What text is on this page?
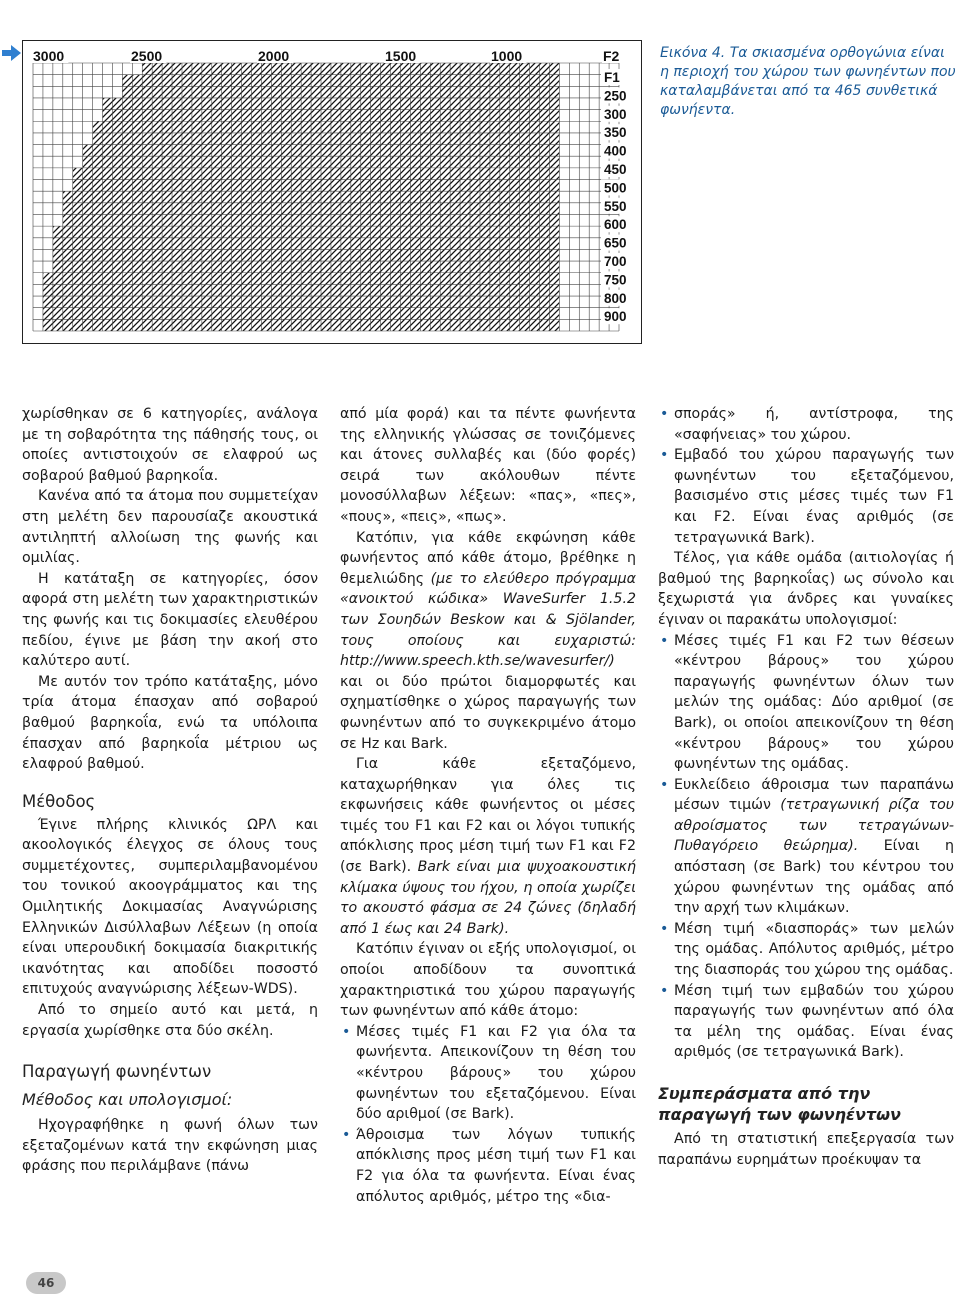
3000	2500	2000	1500	1000	F2
F1
250
300
350
400
450
500
550
600
650
700
750
800
900
Εικόνα 4. Τα σκιασμένα ορθογώνια είναι η περιοχή του χώρου των φωνηέντων που καταλαμβάνεται από τα 465 συνθετικά φωνήεντα.

χωρίσθηκαν σε 6 κατηγορίες, ανάλογα με τη σοβαρότητα της πάθησής τους, οι οποίες αντιστοιχούν σε ελαφρού ως σοβαρού βαθμού βαρηκοΐα.

Κανένα από τα άτομα που συμμετείχαν στη μελέτη δεν παρουσίαζε ακουστικά αντιληπτή αλλοίωση της φωνής και ομιλίας.

Η κατάταξη σε κατηγορίες, όσον αφορά στη μελέτη των χαρακτηριστικών της φωνής και τις δοκιμασίες ελευθέρου πεδίου, έγινε με βάση την ακοή στο καλύτερο αυτί.

Με αυτόν τον τρόπο κατάταξης, μόνο τρία άτομα έπασχαν από σοβαρού βαθμού βαρηκοΐα, ενώ τα υπόλοιπα έπασχαν από βαρηκοΐα μέτριου ως ελαφρού βαθμού.

Μέθοδος

Έγινε πλήρης κλινικός ΩΡΛ και ακοολογικός έλεγχος σε όλους τους συμμετέχοντες, συμπεριλαμβανομένου του τονικού ακοογράμματος και της Ομιλητικής Δοκιμασίας Αναγνώρισης Ελληνικών Δισύλλαβων Λέξεων (η οποία είναι υπερουδική δοκιμασία διακριτικής ικανότητας και αποδίδει ποσοστό επιτυχούς αναγνώρισης λέξεων-WDS).

Από το σημείο αυτό και μετά, η εργασία χωρίσθηκε στα δύο σκέλη.

Παραγωγή φωνηέντων
Μέθοδος και υπολογισμοί:

Ηχογραφήθηκε η φωνή όλων των εξεταζομένων κατά την εκφώνηση μιας φράσης που περιλάμβανε (πάνω

από μία φορά) και τα πέντε φωνήεντα της ελληνικής γλώσσας σε τονιζόμενες και άτονες συλλαβές και (δύο φορές) σειρά των ακόλουθων πέντε μονοσύλλαβων λέξεων: «πας», «πες», «πους», «πεις», «πως».

Κατόπιν, για κάθε εκφώνηση κάθε φωνήεντος από κάθε άτομο, βρέθηκε η θεμελιώδης (με το ελεύθερο πρόγραμμα «ανοικτού κώδικα» WaveSurfer 1.5.2 των Σουηδών Beskow και & Sjölander, τους οποίους και ευχαριστώ: http://www.speech.kth.se/wavesurfer/) και οι δύο πρώτοι διαμορφωτές και σχηματίσθηκε ο χώρος παραγωγής των φωνηέντων από το συγκεκριμένο άτομο σε Hz και Bark.

Για κάθε εξεταζόμενο, καταχωρήθηκαν για όλες τις εκφωνήσεις κάθε φωνήεντος οι μέσες τιμές του F1 και F2 και οι λόγοι τυπικής απόκλισης προς μέση τιμή των F1 και F2 (σε Bark). Bark είναι μια ψυχοακουστική κλίμακα ύψους του ήχου, η οποία χωρίζει το ακουστό φάσμα σε 24 ζώνες (δηλαδή από 1 έως και 24 Bark).

Κατόπιν έγιναν οι εξής υπολογισμοί, οι οποίοι αποδίδουν τα συνοπτικά χαρακτηριστικά του χώρου παραγωγής των φωνηέντων από κάθε άτομο:

• Μέσες τιμές F1 και F2 για όλα τα φωνήεντα. Απεικονίζουν τη θέση του «κέντρου βάρους» του χώρου φωνηέντων του εξεταζόμενου. Είναι δύο αριθμοί (σε Bark).
• Άθροισμα των λόγων τυπικής απόκλισης προς μέση τιμή των F1 και F2 για όλα τα φωνήεντα. Είναι ένας απόλυτος αριθμός, μέτρο της «δια-
• σποράς» ή, αντίστροφα, της «σαφήνειας» του χώρου.
• Εμβαδό του χώρου παραγωγής των φωνηέντων του εξεταζόμενου, βασισμένο στις μέσες τιμές των F1 και F2. Είναι ένας αριθμός (σε τετραγωνικά Bark).

Τέλος, για κάθε ομάδα (αιτιολογίας ή βαθμού της βαρηκοΐας) ως σύνολο και ξεχωριστά για άνδρες και γυναίκες έγιναν οι παρακάτω υπολογισμοί:

• Μέσες τιμές F1 και F2 των θέσεων «κέντρου βάρους» του χώρου παραγωγής φωνηέντων όλων των μελών της ομάδας: Δύο αριθμοί (σε Bark), οι οποίοι απεικονίζουν τη θέση «κέντρου βάρους» του χώρου φωνηέντων της ομάδας.
• Ευκλείδειο άθροισμα των παραπάνω μέσων τιμών (τετραγωνική ρίζα του αθροίσματος των τετραγώνων-Πυθαγόρειο θεώρημα). Είναι η απόσταση (σε Bark) του κέντρου του χώρου φωνηέντων της ομάδας από την αρχή των κλιμάκων.
• Μέση τιμή «διασποράς» των μελών της ομάδας. Απόλυτος αριθμός, μέτρο της διασποράς του χώρου της ομάδας.
• Μέση τιμή των εμβαδών του χώρου παραγωγής των φωνηέντων από όλα τα μέλη της ομάδας. Είναι ένας αριθμός (σε τετραγωνικά Bark).
Συμπεράσματα από την παραγωγή των φωνηέντων

Από τη στατιστική επεξεργασία των παραπάνω ευρημάτων προέκυψαν τα

46
